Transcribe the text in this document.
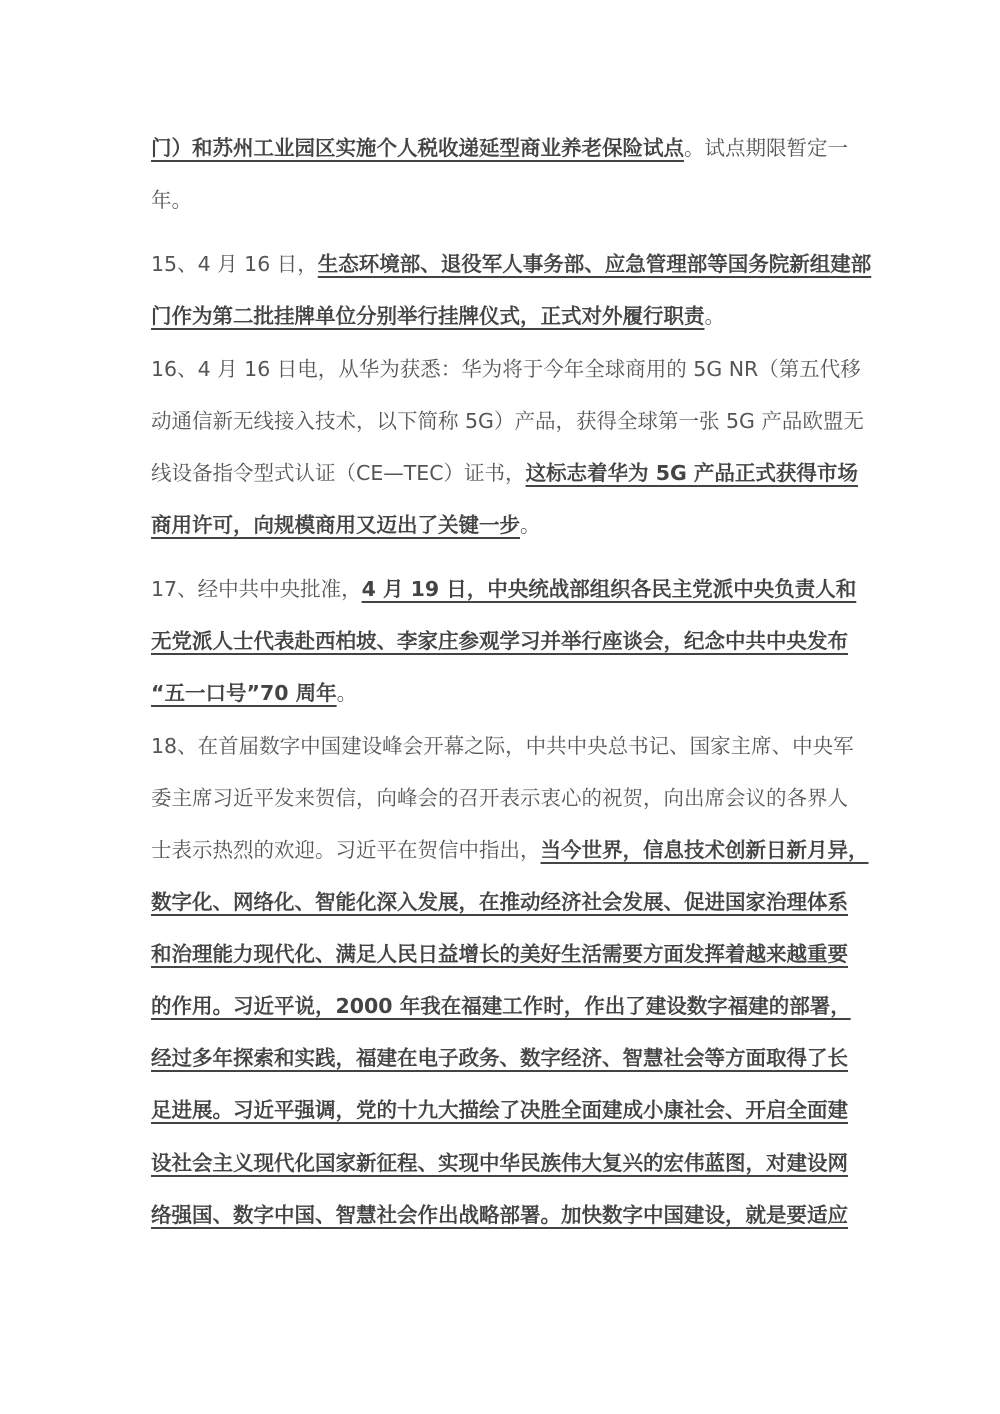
门）和苏州工业园区实施个人税收递延型商业养老保险试点。试点期限暂定一
年。
15、4 月 16 日，生态环境部、退役军人事务部、应急管理部等国务院新组建部
门作为第二批挂牌单位分别举行挂牌仪式，正式对外履行职责。
16、4 月 16 日电，从华为获悉：华为将于今年全球商用的 5G NR（第五代移
动通信新无线接入技术，以下简称 5G）产品，获得全球第一张 5G 产品欧盟无
线设备指令型式认证（CE—TEC）证书，这标志着华为 5G 产品正式获得市场
商用许可，向规模商用又迈出了关键一步。
17、经中共中央批准，4 月 19 日，中央统战部组织各民主党派中央负责人和
无党派人士代表赴西柏坡、李家庄参观学习并举行座谈会，纪念中共中央发布
“五一口号”70 周年。
18、在首届数字中国建设峰会开幕之际，中共中央总书记、国家主席、中央军
委主席习近平发来贺信，向峰会的召开表示衷心的祝贺，向出席会议的各界人
士表示热烈的欢迎。习近平在贺信中指出，当今世界，信息技术创新日新月异，
数字化、网络化、智能化深入发展，在推动经济社会发展、促进国家治理体系
和治理能力现代化、满足人民日益增长的美好生活需要方面发挥着越来越重要
的作用。习近平说，2000 年我在福建工作时，作出了建设数字福建的部署，
经过多年探索和实践，福建在电子政务、数字经济、智慧社会等方面取得了长
足进展。习近平强调，党的十九大描绘了决胜全面建成小康社会、开启全面建
设社会主义现代化国家新征程、实现中华民族伟大复兴的宏伟蓝图，对建设网
络强国、数字中国、智慧社会作出战略部署。加快数字中国建设，就是要适应
